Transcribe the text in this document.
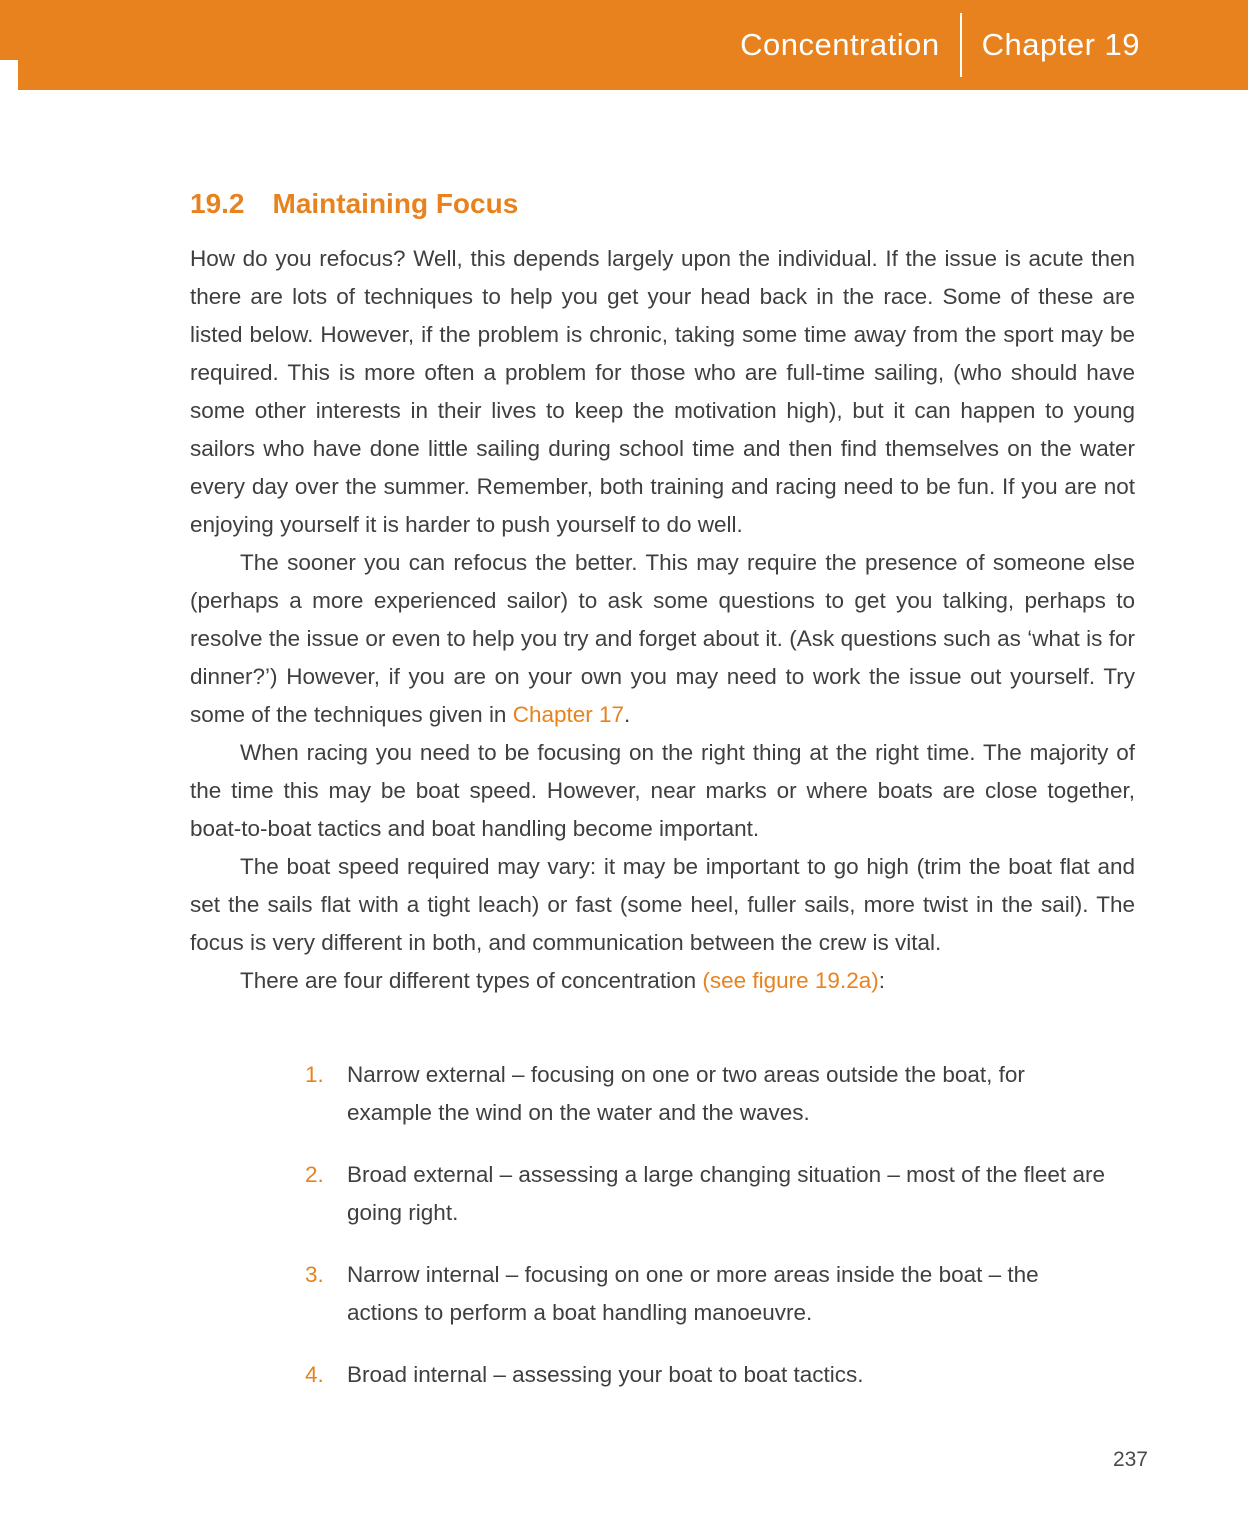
Concentration Chapter 19
19.2 Maintaining Focus

How do you refocus? Well, this depends largely upon the individual. If the issue is acute then there are lots of techniques to help you get your head back in the race. Some of these are listed below. However, if the problem is chronic, taking some time away from the sport may be required. This is more often a problem for those who are full-time sailing, (who should have some other interests in their lives to keep the motivation high), but it can happen to young sailors who have done little sailing during school time and then find themselves on the water every day over the summer. Remember, both training and racing need to be fun. If you are not enjoying yourself it is harder to push yourself to do well.

The sooner you can refocus the better. This may require the presence of someone else (perhaps a more experienced sailor) to ask some questions to get you talking, perhaps to resolve the issue or even to help you try and forget about it. (Ask questions such as ‘what is for dinner?’) However, if you are on your own you may need to work the issue out yourself. Try some of the techniques given in Chapter 17.

When racing you need to be focusing on the right thing at the right time. The majority of the time this may be boat speed. However, near marks or where boats are close together, boat-to-boat tactics and boat handling become important.

The boat speed required may vary: it may be important to go high (trim the boat flat and set the sails flat with a tight leach) or fast (some heel, fuller sails, more twist in the sail). The focus is very different in both, and communication between the crew is vital.

There are four different types of concentration (see figure 19.2a):

1.	Narrow external – focusing on one or two areas outside the boat, for example the wind on the water and the waves.
2.	Broad external – assessing a large changing situation – most of the fleet are going right.
3.	Narrow internal – focusing on one or more areas inside the boat – the actions to perform a boat handling manoeuvre.
4.	Broad internal – assessing your boat to boat tactics.
237
